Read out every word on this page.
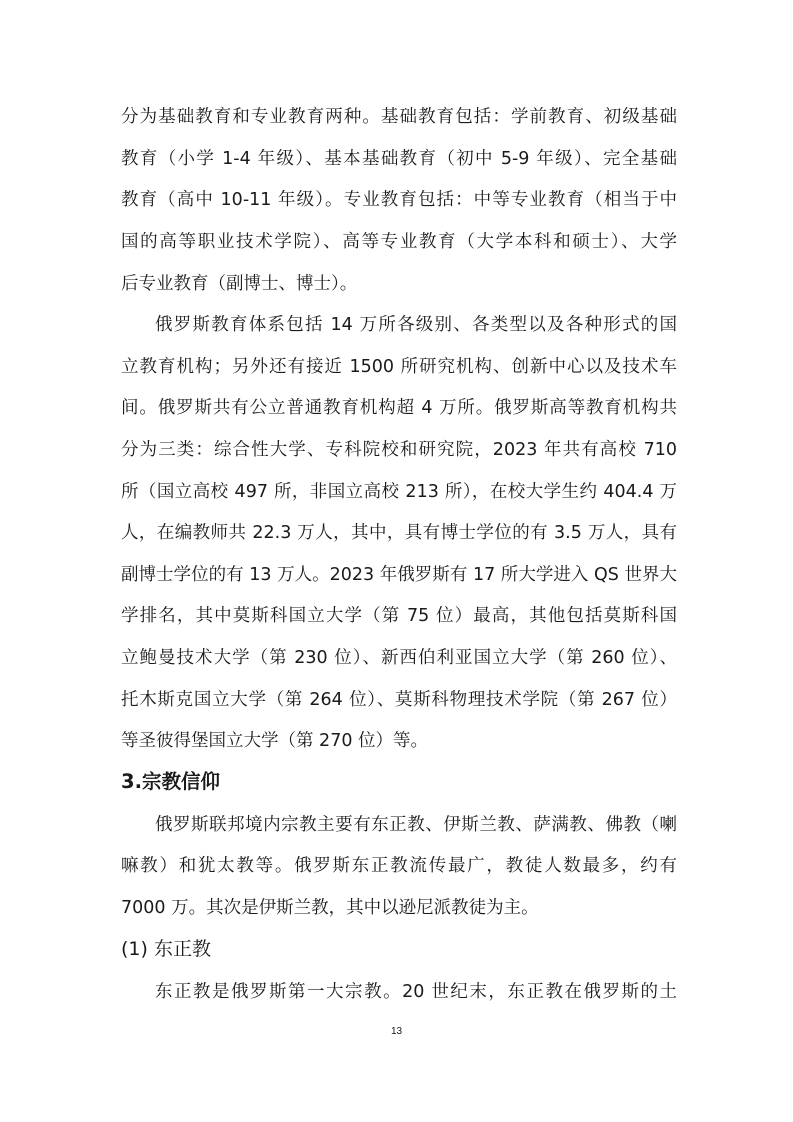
分为基础教育和专业教育两种。基础教育包括：学前教育、初级基础
教育（小学 1-4 年级）、基本基础教育（初中 5-9 年级）、完全基础
教育（高中 10-11 年级）。专业教育包括：中等专业教育（相当于中
国的高等职业技术学院）、高等专业教育（大学本科和硕士）、大学
后专业教育（副博士、博士）。
俄罗斯教育体系包括 14 万所各级别、各类型以及各种形式的国
立教育机构；另外还有接近 1500 所研究机构、创新中心以及技术车
间。俄罗斯共有公立普通教育机构超 4 万所。俄罗斯高等教育机构共
分为三类：综合性大学、专科院校和研究院，2023 年共有高校 710
所（国立高校 497 所，非国立高校 213 所），在校大学生约 404.4 万
人，在编教师共 22.3 万人，其中，具有博士学位的有 3.5 万人，具有
副博士学位的有 13 万人。2023 年俄罗斯有 17 所大学进入 QS 世界大
学排名，其中莫斯科国立大学（第 75 位）最高，其他包括莫斯科国
立鲍曼技术大学（第 230 位）、新西伯利亚国立大学（第 260 位）、
托木斯克国立大学（第 264 位）、莫斯科物理技术学院（第 267 位）
等圣彼得堡国立大学（第 270 位）等。
3.宗教信仰
俄罗斯联邦境内宗教主要有东正教、伊斯兰教、萨满教、佛教（喇
嘛教）和犹太教等。俄罗斯东正教流传最广，教徒人数最多，约有
7000 万。其次是伊斯兰教，其中以逊尼派教徒为主。
(1) 东正教
东正教是俄罗斯第一大宗教。20 世纪末，东正教在俄罗斯的土
13
